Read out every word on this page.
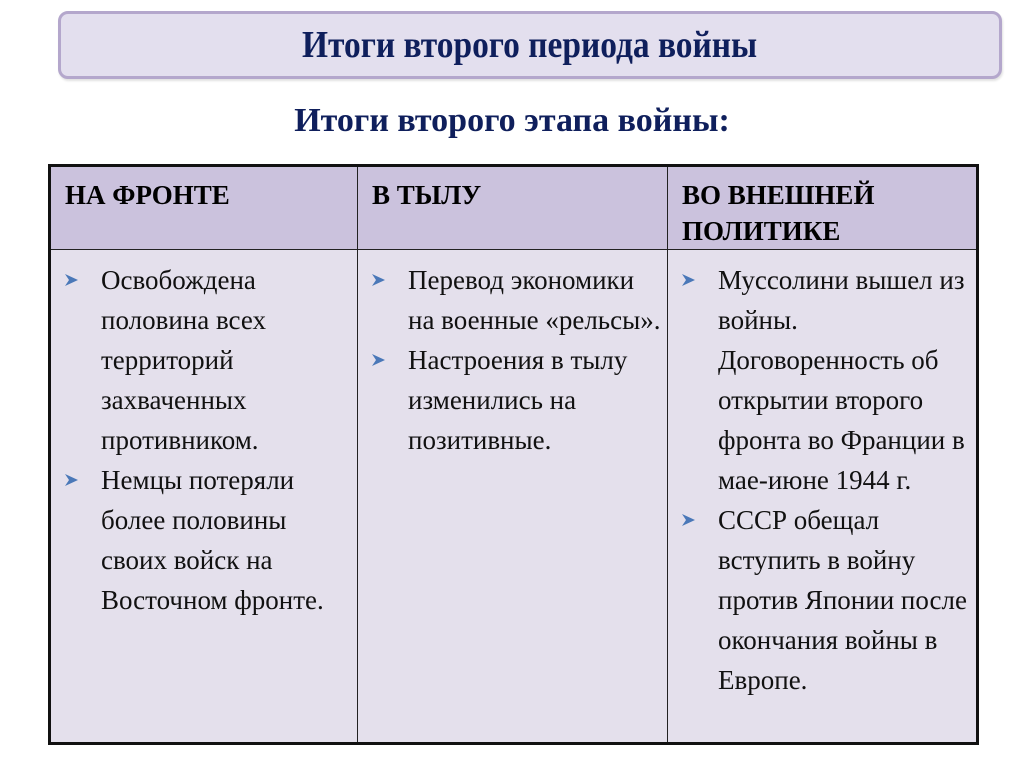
Итоги второго периода войны
Итоги второго этапа войны:
НА ФРОНТЕ	В ТЫЛУ	ВО ВНЕШНЕЙ ПОЛИТИКЕ

Освобождена половина всех территорий захваченных противником.
Немцы потеряли более половины своих войск на Восточном фронте.

Перевод экономики на военные «рельсы».
Настроения в тылу изменились на позитивные.

Муссолини вышел из войны. Договоренность об открытии второго фронта во Франции в мае-июне 1944 г.
СССР обещал вступить в войну против Японии после окончания войны в Европе.
